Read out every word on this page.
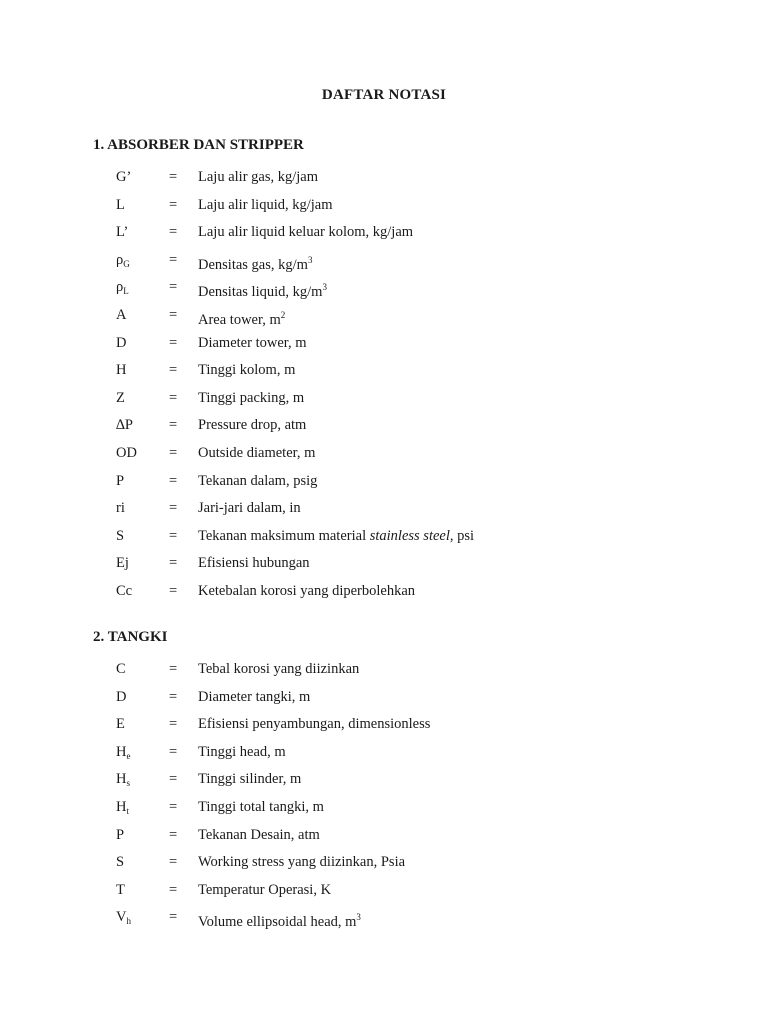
DAFTAR NOTASI
1. ABSORBER DAN STRIPPER
G’	= Laju alir gas, kg/jam
L	= Laju alir liquid, kg/jam
L’	= Laju alir liquid keluar kolom, kg/jam
$\rho_G$	= Densitas gas, $kg/m^3$
$\rho_L$	= Densitas liquid, $kg/m^3$
A	= Area tower, $m^2$
D	= Diameter tower, m
H	= Tinggi kolom, m
Z	= Tinggi packing, m
∆P = Pressure drop, atm
OD = Outside diameter, m
P	= Tekanan dalam, psig
ri	= Jari-jari dalam, in
S	= Tekanan maksimum material stainless steel, psi
Ej	= Efisiensi hubungan
Cc	= Ketebalan korosi yang diperbolehkan
2. TANGKI
C	= Tebal korosi yang diizinkan
D	= Diameter tangki, m
E	= Efisiensi penyambungan, dimensionless
$H_e$	= Tinggi head, m
$H_s$	= Tinggi silinder, m
$H_t$	= Tinggi total tangki, m
P	= Tekanan Desain, atm
S	= Working stress yang diizinkan, Psia
T	= Temperatur Operasi, K
$V_h$	= Volume ellipsoidal head, $m^3$
